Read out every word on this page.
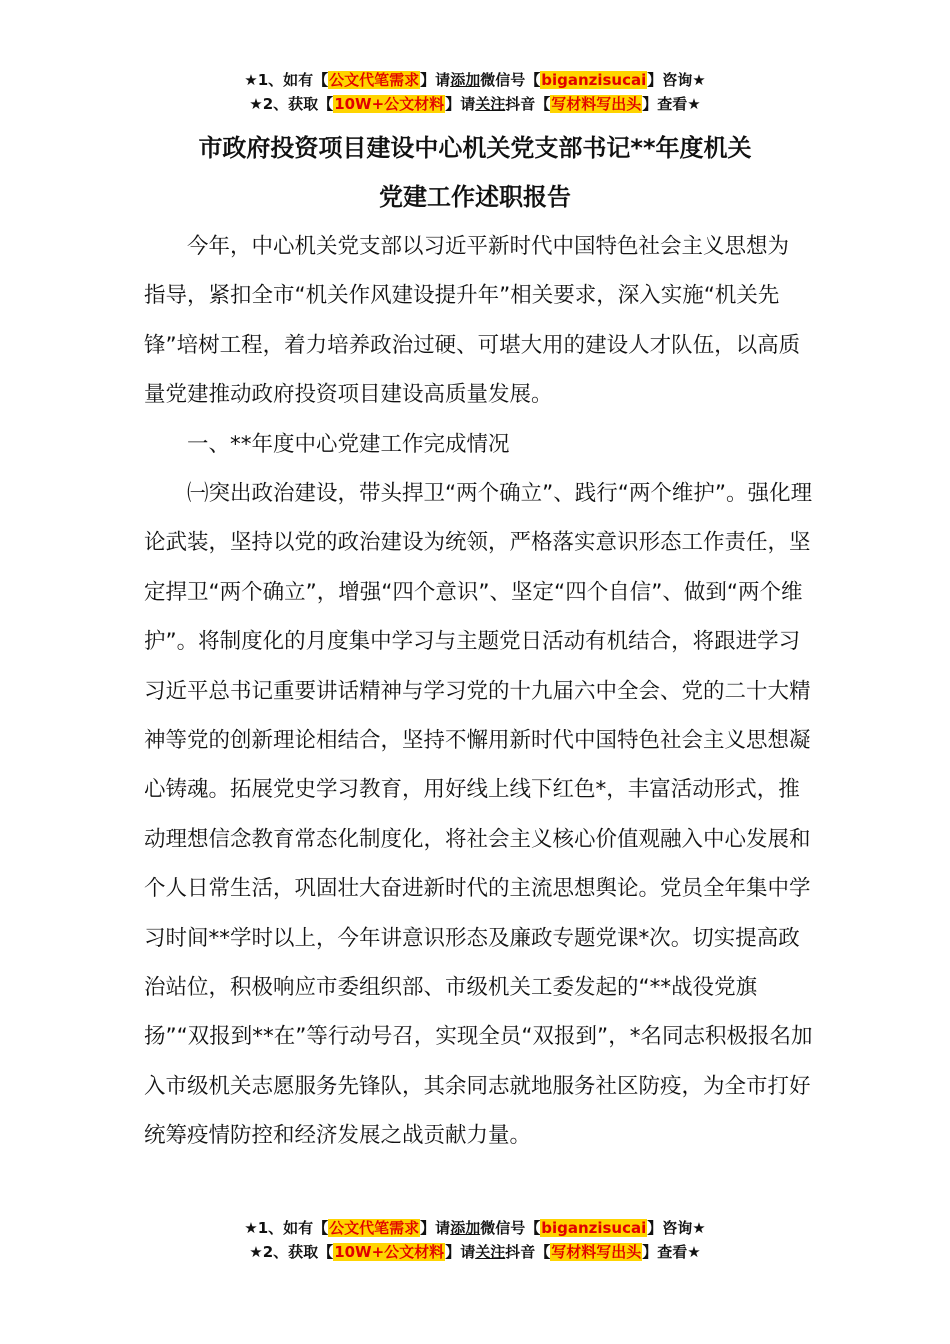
★1、如有【公文代笔需求】请添加微信号【biganzisucai】咨询★
★2、获取【10W+公文材料】请关注抖音【写材料写出头】查看★
市政府投资项目建设中心机关党支部书记**年度机关
党建工作述职报告

今年，中心机关党支部以习近平新时代中国特色社会主义思想为指导，紧扣全市“机关作风建设提升年”相关要求，深入实施“机关先锋”培树工程，着力培养政治过硬、可堪大用的建设人才队伍，以高质量党建推动政府投资项目建设高质量发展。

一、**年度中心党建工作完成情况

㈠突出政治建设，带头捍卫“两个确立”、践行“两个维护”。强化理论武装，坚持以党的政治建设为统领，严格落实意识形态工作责任，坚定捍卫“两个确立”，增强“四个意识”、坚定“四个自信”、做到“两个维护”。将制度化的月度集中学习与主题党日活动有机结合，将跟进学习习近平总书记重要讲话精神与学习党的十九届六中全会、党的二十大精神等党的创新理论相结合，坚持不懈用新时代中国特色社会主义思想凝心铸魂。拓展党史学习教育，用好线上线下红色*，丰富活动形式，推动理想信念教育常态化制度化，将社会主义核心价值观融入中心发展和个人日常生活，巩固壮大奋进新时代的主流思想舆论。党员全年集中学习时间**学时以上，今年讲意识形态及廉政专题党课*次。切实提高政治站位，积极响应市委组织部、市级机关工委发起的“**战役党旗扬”“双报到**在”等行动号召，实现全员“双报到”，*名同志积极报名加入市级机关志愿服务先锋队，其余同志就地服务社区防疫，为全市打好统筹疫情防控和经济发展之战贡献力量。

★1、如有【公文代笔需求】请添加微信号【biganzisucai】咨询★
★2、获取【10W+公文材料】请关注抖音【写材料写出头】查看★
